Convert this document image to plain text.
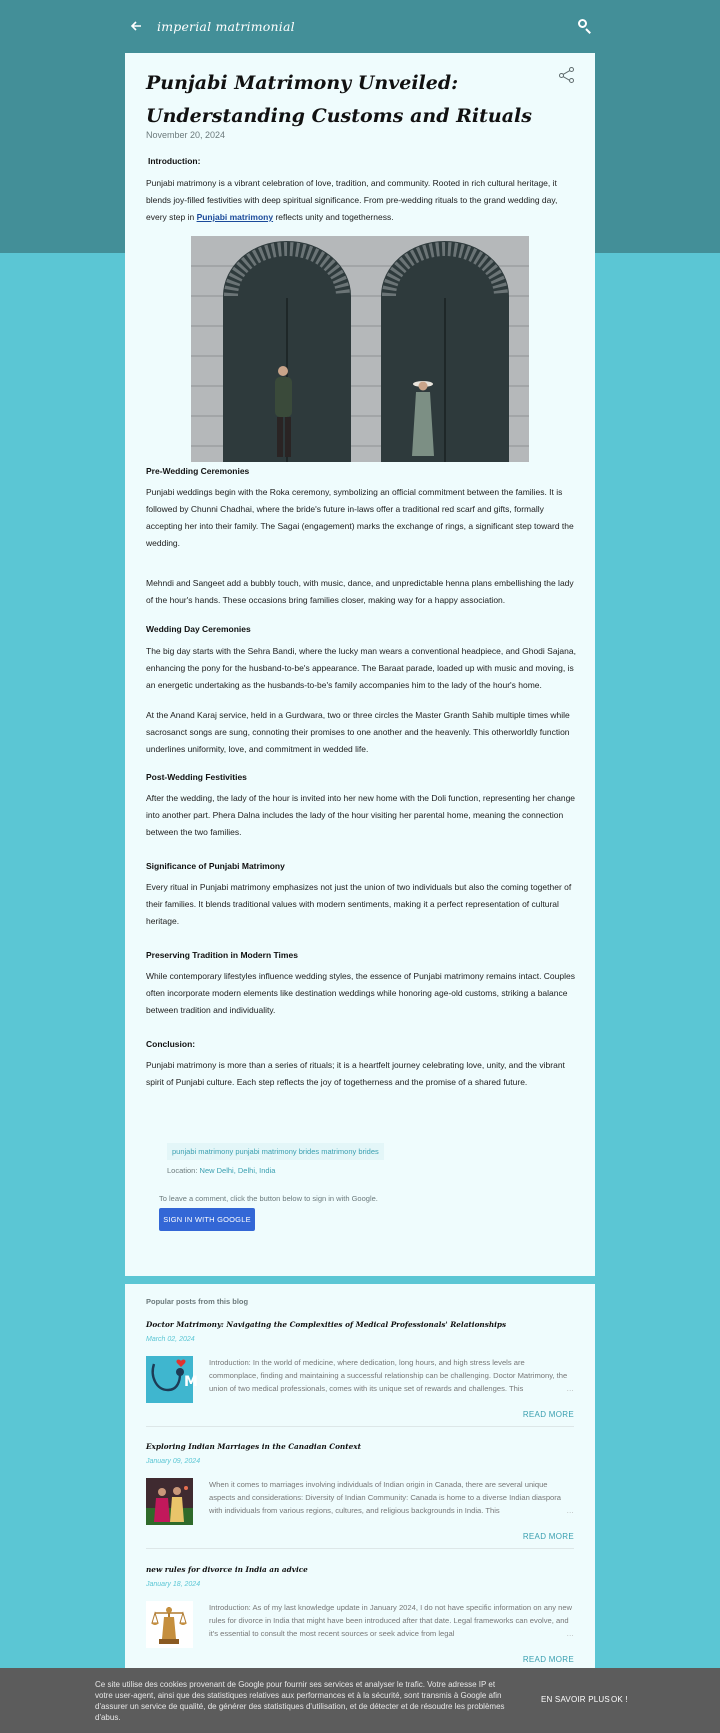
imperial matrimonial
Punjabi Matrimony Unveiled: Understanding Customs and Rituals
November 20, 2024
Introduction:

Punjabi matrimony is a vibrant celebration of love, tradition, and community. Rooted in rich cultural heritage, it blends joy-filled festivities with deep spiritual significance. From pre-wedding rituals to the grand wedding day, every step in Punjabi matrimony reflects unity and togetherness.

Pre-Wedding Ceremonies

Punjabi weddings begin with the Roka ceremony, symbolizing an official commitment between the families. It is followed by Chunni Chadhai, where the bride's future in-laws offer a traditional red scarf and gifts, formally accepting her into their family. The Sagai (engagement) marks the exchange of rings, a significant step toward the wedding.

Mehndi and Sangeet add a bubbly touch, with music, dance, and unpredictable henna plans embellishing the lady of the hour's hands. These occasions bring families closer, making way for a happy association.

Wedding Day Ceremonies

The big day starts with the Sehra Bandi, where the lucky man wears a conventional headpiece, and Ghodi Sajana, enhancing the pony for the husband-to-be's appearance. The Baraat parade, loaded up with music and moving, is an energetic undertaking as the husbands-to-be's family accompanies him to the lady of the hour's home.

At the Anand Karaj service, held in a Gurdwara, two or three circles the Master Granth Sahib multiple times while sacrosanct songs are sung, connoting their promises to one another and the heavenly. This otherworldly function underlines uniformity, love, and commitment in wedded life.

Post-Wedding Festivities

After the wedding, the lady of the hour is invited into her new home with the Doli function, representing her change into another part. Phera Dalna includes the lady of the hour visiting her parental home, meaning the connection between the two families.

Significance of Punjabi Matrimony

Every ritual in Punjabi matrimony emphasizes not just the union of two individuals but also the coming together of their families. It blends traditional values with modern sentiments, making it a perfect representation of cultural heritage.

Preserving Tradition in Modern Times

While contemporary lifestyles influence wedding styles, the essence of Punjabi matrimony remains intact. Couples often incorporate modern elements like destination weddings while honoring age-old customs, striking a balance between tradition and individuality.

Conclusion:

Punjabi matrimony is more than a series of rituals; it is a heartfelt journey celebrating love, unity, and the vibrant spirit of Punjabi culture. Each step reflects the joy of togetherness and the promise of a shared future.

punjabi matrimony punjabi matrimony brides matrimony brides
Location: New Delhi, Delhi, India
To leave a comment, click the button below to sign in with Google.
SIGN IN WITH GOOGLE
Popular posts from this blog
Doctor Matrimony: Navigating the Complexities of Medical Professionals' Relationships
March 02, 2024
M
Introduction: In the world of medicine, where dedication, long hours, and high stress levels are commonplace, finding and maintaining a successful relationship can be challenging. Doctor Matrimony, the union of two medical professionals, comes with its unique set of rewards and challenges. This	…
READ MORE
Exploring Indian Marriages in the Canadian Context
January 09, 2024
When it comes to marriages involving individuals of Indian origin in Canada, there are several unique aspects and considerations: Diversity of Indian Community: Canada is home to a diverse Indian diaspora with individuals from various regions, cultures, and religious backgrounds in India. This	…
READ MORE
new rules for divorce in India an advice
January 18, 2024
Introduction: As of my last knowledge update in January 2024, I do not have specific information on any new rules for divorce in India that might have been introduced after that date. Legal frameworks can evolve, and it's essential to consult the most recent sources or seek advice from legal	…
READ MORE

Ce site utilise des cookies provenant de Google pour fournir ses services et analyser le trafic. Votre adresse IP et votre user-agent, ainsi que des statistiques relatives aux performances et à la sécurité, sont transmis à Google afin d'assurer un service de qualité, de générer des statistiques d'utilisation, et de détecter et de résoudre les problèmes d'abus.

EN SAVOIR PLUS OK !
